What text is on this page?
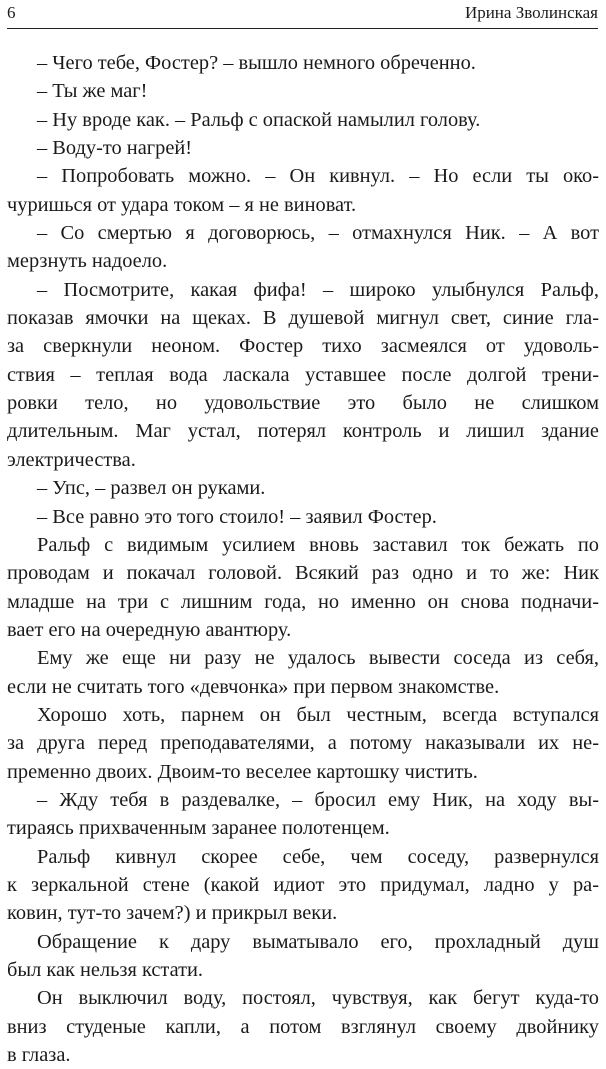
6	Ирина Зволинская
– Чего тебе, Фостер? – вышло немного обреченно.
– Ты же маг!
– Ну вроде как. – Ральф с опаской намылил голову.
– Воду-то нагрей!
– Попробовать можно. – Он кивнул. – Но если ты око-
чуришься от удара током – я не виноват.
– Со смертью я договорюсь, – отмахнулся Ник. – А вот
мерзнуть надоело.
– Посмотрите, какая фифа! – широко улыбнулся Ральф,
показав ямочки на щеках. В душевой мигнул свет, синие гла-
за сверкнули неоном. Фостер тихо засмеялся от удоволь-
ствия – теплая вода ласкала уставшее после долгой трени-
ровки тело, но удовольствие это было не слишком
длительным. Маг устал, потерял контроль и лишил здание
электричества.
– Упс, – развел он руками.
– Все равно это того стоило! – заявил Фостер.
Ральф с видимым усилием вновь заставил ток бежать по
проводам и покачал головой. Всякий раз одно и то же: Ник
младше на три с лишним года, но именно он снова подначи-
вает его на очередную авантюру.
Ему же еще ни разу не удалось вывести соседа из себя,
если не считать того «девчонка» при первом знакомстве.
Хорошо хоть, парнем он был честным, всегда вступался
за друга перед преподавателями, а потому наказывали их не-
пременно двоих. Двоим-то веселее картошку чистить.
– Жду тебя в раздевалке, – бросил ему Ник, на ходу вы-
тираясь прихваченным заранее полотенцем.
Ральф кивнул скорее себе, чем соседу, развернулся
к зеркальной стене (какой идиот это придумал, ладно у ра-
ковин, тут-то зачем?) и прикрыл веки.
Обращение к дару выматывало его, прохладный душ
был как нельзя кстати.
Он выключил воду, постоял, чувствуя, как бегут куда-то
вниз студеные капли, а потом взглянул своему двойнику
в глаза.
